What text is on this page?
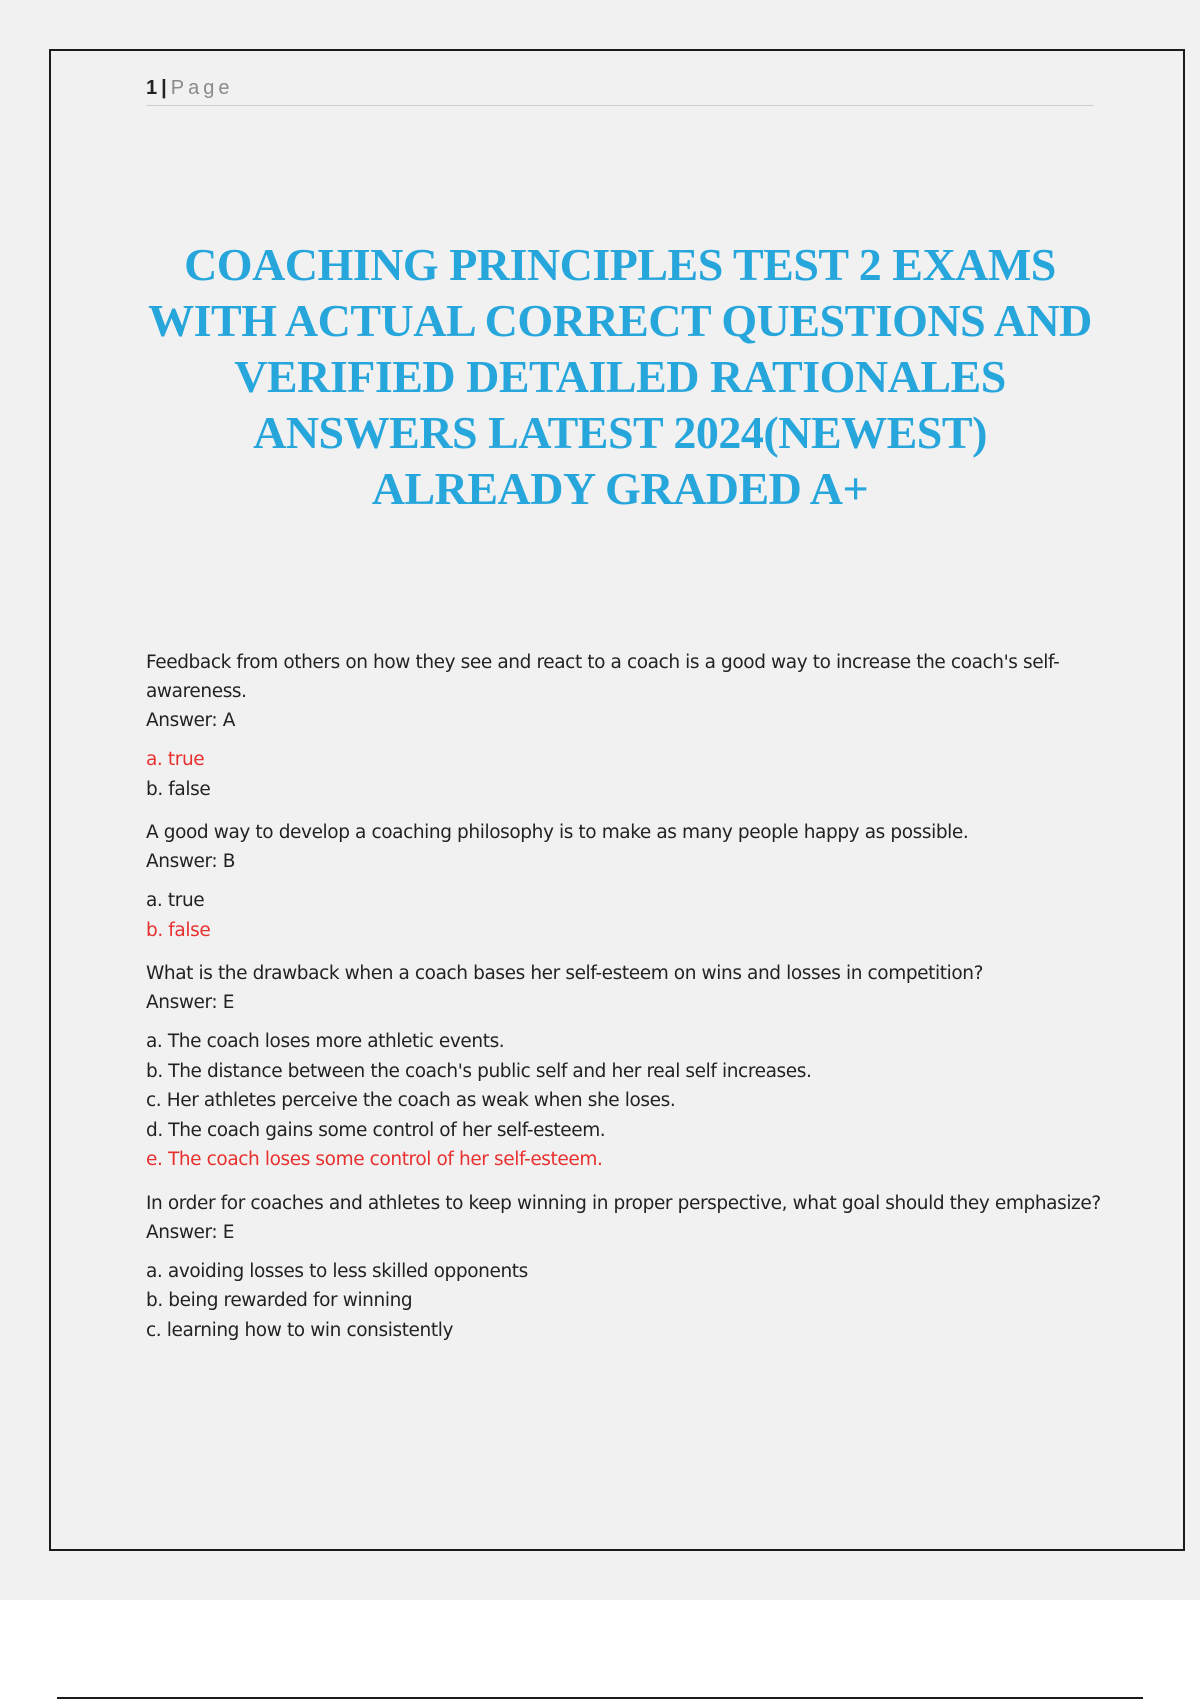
1 | Page
COACHING PRINCIPLES TEST 2 EXAMS WITH ACTUAL CORRECT QUESTIONS AND VERIFIED DETAILED RATIONALES ANSWERS LATEST 2024(NEWEST) ALREADY GRADED A+

Feedback from others on how they see and react to a coach is a good way to increase the coach's self-awareness.

Answer: A

a. true

b. false

A good way to develop a coaching philosophy is to make as many people happy as possible.

Answer: B

a. true

b. false

What is the drawback when a coach bases her self-esteem on wins and losses in competition?

Answer: E

a. The coach loses more athletic events.

b. The distance between the coach's public self and her real self increases.

c. Her athletes perceive the coach as weak when she loses.

d. The coach gains some control of her self-esteem.

e. The coach loses some control of her self-esteem.

In order for coaches and athletes to keep winning in proper perspective, what goal should they emphasize?

Answer: E

a. avoiding losses to less skilled opponents

b. being rewarded for winning

c. learning how to win consistently
